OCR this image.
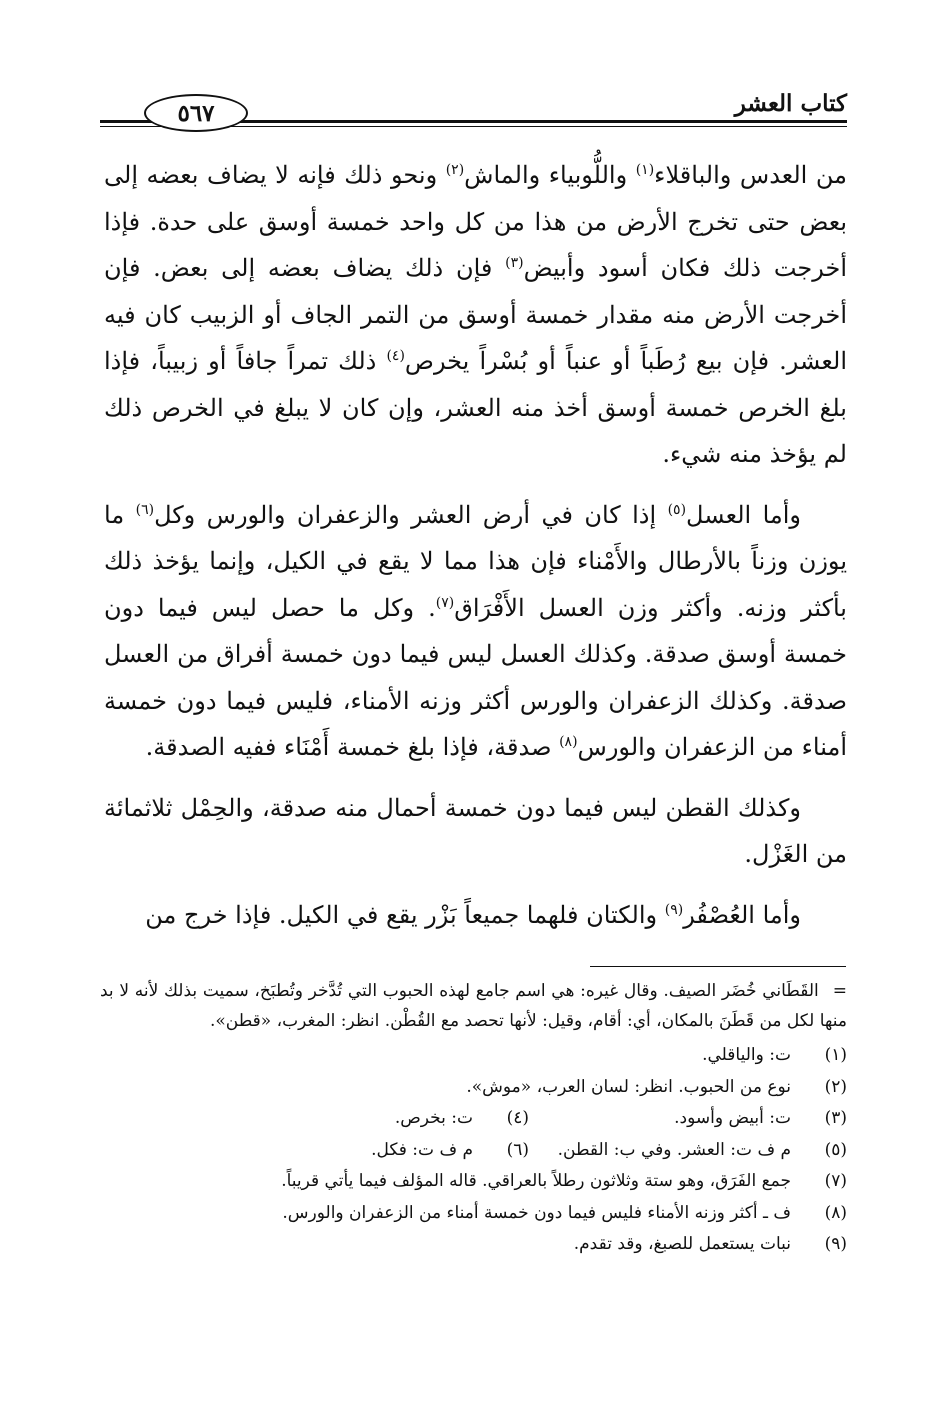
كتاب العشر
٥٦٧

من العدس والباقلاء$^{(١)}$ واللُّوبياء والماش$^{(٢)}$ ونحو ذلك فإنه لا يضاف بعضه إلى بعض حتى تخرج الأرض من هذا من كل واحد خمسة أوسق على حدة. فإذا أخرجت ذلك فكان أسود وأبيض$^{(٣)}$ فإن ذلك يضاف بعضه إلى بعض. فإن أخرجت الأرض منه مقدار خمسة أوسق من التمر الجاف أو الزبيب كان فيه العشر. فإن بيع رُطَباً أو عنباً أو بُسْراً يخرص$^{(٤)}$ ذلك تمراً جافاً أو زبيباً، فإذا بلغ الخرص خمسة أوسق أخذ منه العشر، وإن كان لا يبلغ في الخرص ذلك لم يؤخذ منه شيء.

وأما العسل$^{(٥)}$ إذا كان في أرض العشر والزعفران والورس وكل$^{(٦)}$ ما يوزن وزناً بالأرطال والأَمْناء فإن هذا مما لا يقع في الكيل، وإنما يؤخذ ذلك بأكثر وزنه. وأكثر وزن العسل الأَفْرَاق$^{(٧)}$. وكل ما حصل ليس فيما دون خمسة أوسق صدقة. وكذلك العسل ليس فيما دون خمسة أفراق من العسل صدقة. وكذلك الزعفران والورس أكثر وزنه الأمناء، فليس فيما دون خمسة أمناء من الزعفران والورس$^{(٨)}$ صدقة، فإذا بلغ خمسة أَمْنَاء ففيه الصدقة.

وكذلك القطن ليس فيما دون خمسة أحمال منه صدقة، والحِمْل ثلاثمائة من الغَزْل.

وأما العُصْفُر$^{(٩)}$ والكتان فلهما جميعاً بَزْر يقع في الكيل. فإذا خرج من

=القَطَاني خُضَر الصيف. وقال غيره: هي اسم جامع لهذه الحبوب التي تُدَّخر وتُطبَخ، سميت بذلك لأنه لا بد منها لكل من قَطَنَ بالمكان، أي: أقام، وقيل: لأنها تحصد مع القُطْن. انظر: المغرب، «قطن».

(١)
ت: والياقلي.
(٢)
نوع من الحبوب. انظر: لسان العرب، «موش».
(٣)
ت: أبيض وأسود.
(٤)
ت: بخرص.
(٥)
م ف ت: العشر. وفي ب: القطن.
(٦)
م ف ت: فكل.
(٧)
جمع الفَرَق، وهو ستة وثلاثون رطلاً بالعراقي. قاله المؤلف فيما يأتي قريباً.
(٨)
ف ـ أكثر وزنه الأمناء فليس فيما دون خمسة أمناء من الزعفران والورس.
(٩)
نبات يستعمل للصبغ، وقد تقدم.
